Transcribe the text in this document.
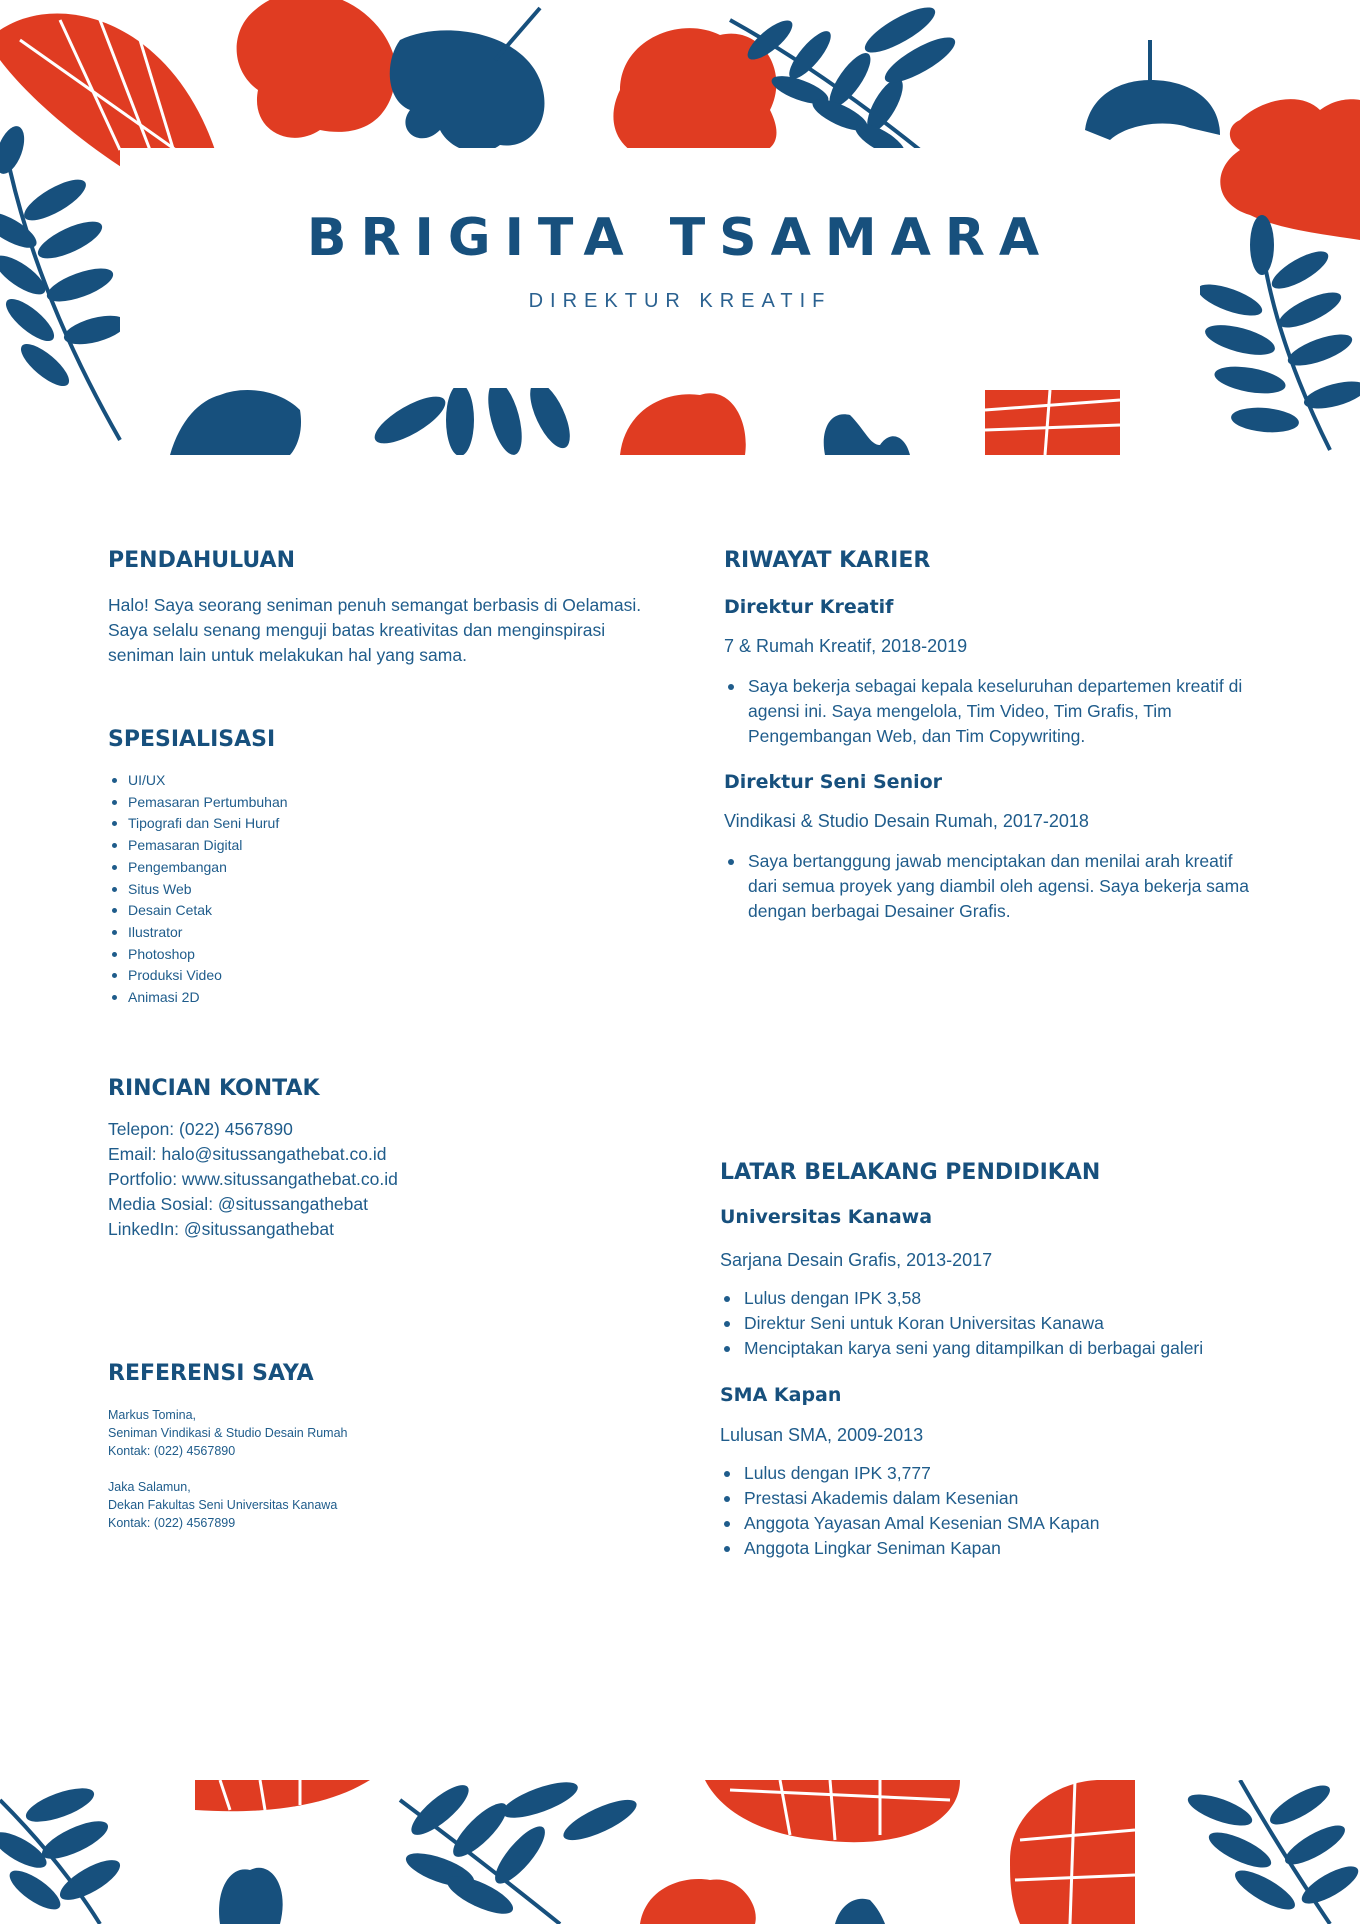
BRIGITA TSAMARA
DIREKTUR KREATIF
PENDAHULUAN
Halo! Saya seorang seniman penuh semangat berbasis di Oelamasi.
Saya selalu senang menguji batas kreativitas dan menginspirasi
seniman lain untuk melakukan hal yang sama.
SPESIALISASI
UI/UX
Pemasaran Pertumbuhan
Tipografi dan Seni Huruf
Pemasaran Digital
Pengembangan
Situs Web
Desain Cetak
Ilustrator
Photoshop
Produksi Video
Animasi 2D
RINCIAN KONTAK
Telepon: (022) 4567890
Email: halo@situssangathebat.co.id
Portfolio: www.situssangathebat.co.id
Media Sosial: @situssangathebat
LinkedIn: @situssangathebat
REFERENSI SAYA
Markus Tomina,
Seniman Vindikasi & Studio Desain Rumah
Kontak: (022) 4567890
Jaka Salamun,
Dekan Fakultas Seni Universitas Kanawa
Kontak: (022) 4567899
RIWAYAT KARIER
Direktur Kreatif
7 & Rumah Kreatif, 2018-2019
Saya bekerja sebagai kepala keseluruhan departemen kreatif di
agensi ini. Saya mengelola, Tim Video, Tim Grafis, Tim
Pengembangan Web, dan Tim Copywriting.
Direktur Seni Senior
Vindikasi & Studio Desain Rumah, 2017-2018
Saya bertanggung jawab menciptakan dan menilai arah kreatif
dari semua proyek yang diambil oleh agensi. Saya bekerja sama
dengan berbagai Desainer Grafis.
LATAR BELAKANG PENDIDIKAN
Universitas Kanawa
Sarjana Desain Grafis, 2013-2017
Lulus dengan IPK 3,58
Direktur Seni untuk Koran Universitas Kanawa
Menciptakan karya seni yang ditampilkan di berbagai galeri
SMA Kapan
Lulusan SMA, 2009-2013
Lulus dengan IPK 3,777
Prestasi Akademis dalam Kesenian
Anggota Yayasan Amal Kesenian SMA Kapan
Anggota Lingkar Seniman Kapan
